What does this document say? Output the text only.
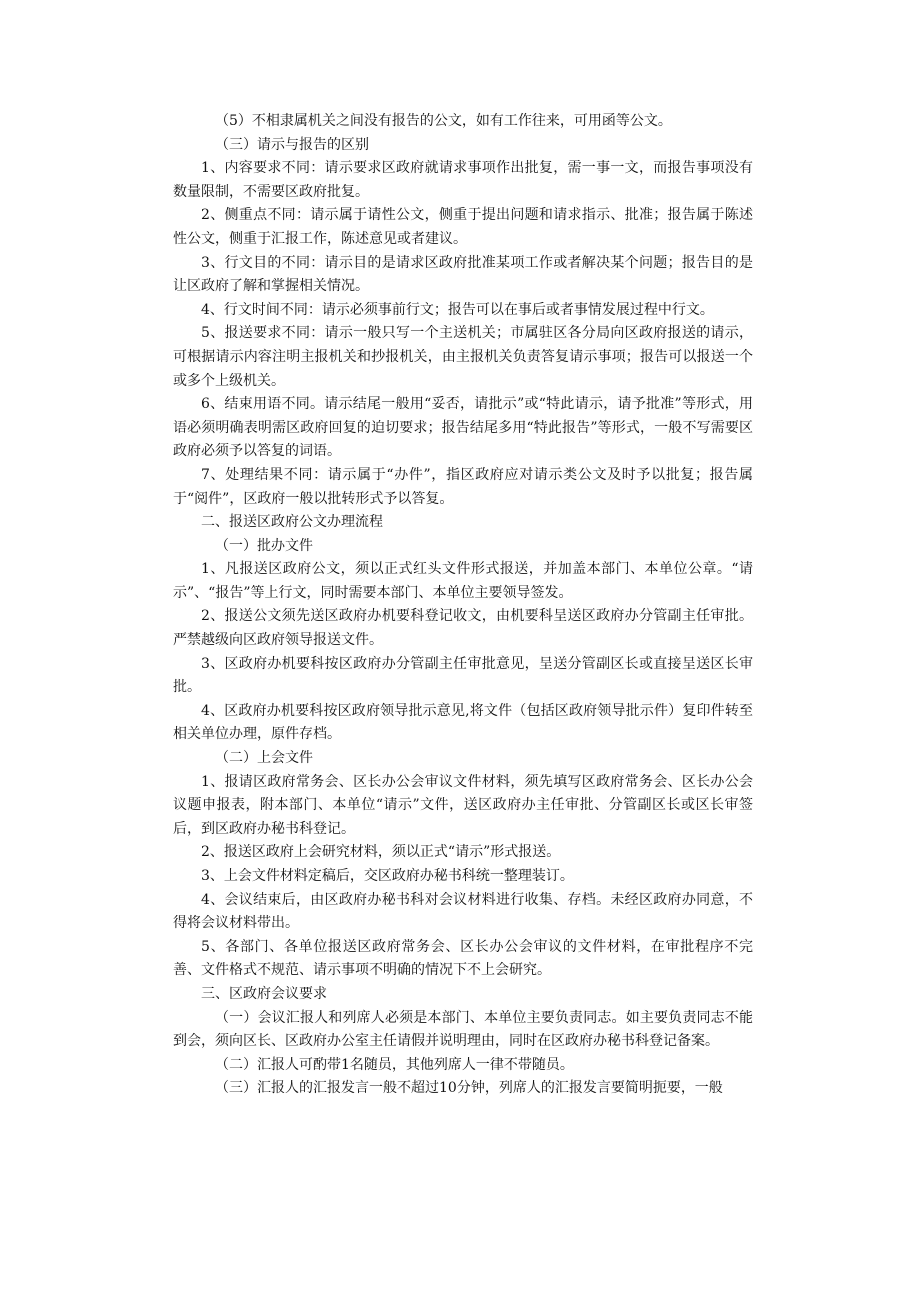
（5）不相隶属机关之间没有报告的公文，如有工作往来，可用函等公文。

（三）请示与报告的区别

1、内容要求不同：请示要求区政府就请求事项作出批复，需一事一文，而报告事项没有数量限制，不需要区政府批复。

2、侧重点不同：请示属于请性公文，侧重于提出问题和请求指示、批准；报告属于陈述性公文，侧重于汇报工作，陈述意见或者建议。

3、行文目的不同：请示目的是请求区政府批准某项工作或者解决某个问题；报告目的是让区政府了解和掌握相关情况。

4、行文时间不同：请示必须事前行文；报告可以在事后或者事情发展过程中行文。

5、报送要求不同：请示一般只写一个主送机关；市属驻区各分局向区政府报送的请示，可根据请示内容注明主报机关和抄报机关，由主报机关负责答复请示事项；报告可以报送一个或多个上级机关。

6、结束用语不同。请示结尾一般用“妥否，请批示”或“特此请示，请予批准”等形式，用语必须明确表明需区政府回复的迫切要求；报告结尾多用“特此报告”等形式，一般不写需要区政府必须予以答复的词语。

7、处理结果不同：请示属于“办件”，指区政府应对请示类公文及时予以批复；报告属于“阅件”，区政府一般以批转形式予以答复。

二、报送区政府公文办理流程

（一）批办文件

1、凡报送区政府公文，须以正式红头文件形式报送，并加盖本部门、本单位公章。“请示”、“报告”等上行文，同时需要本部门、本单位主要领导签发。

2、报送公文须先送区政府办机要科登记收文，由机要科呈送区政府办分管副主任审批。严禁越级向区政府领导报送文件。

3、区政府办机要科按区政府办分管副主任审批意见，呈送分管副区长或直接呈送区长审批。

4、区政府办机要科按区政府领导批示意见,将文件（包括区政府领导批示件）复印件转至相关单位办理，原件存档。

（二）上会文件

1、报请区政府常务会、区长办公会审议文件材料，须先填写区政府常务会、区长办公会议题申报表，附本部门、本单位“请示”文件，送区政府办主任审批、分管副区长或区长审签后，到区政府办秘书科登记。

2、报送区政府上会研究材料，须以正式“请示”形式报送。

3、上会文件材料定稿后，交区政府办秘书科统一整理装订。

4、会议结束后，由区政府办秘书科对会议材料进行收集、存档。未经区政府办同意，不得将会议材料带出。

5、各部门、各单位报送区政府常务会、区长办公会审议的文件材料，在审批程序不完善、文件格式不规范、请示事项不明确的情况下不上会研究。

三、区政府会议要求

（一）会议汇报人和列席人必须是本部门、本单位主要负责同志。如主要负责同志不能到会，须向区长、区政府办公室主任请假并说明理由，同时在区政府办秘书科登记备案。

（二）汇报人可酌带1名随员，其他列席人一律不带随员。

（三）汇报人的汇报发言一般不超过10分钟，列席人的汇报发言要简明扼要，一般
